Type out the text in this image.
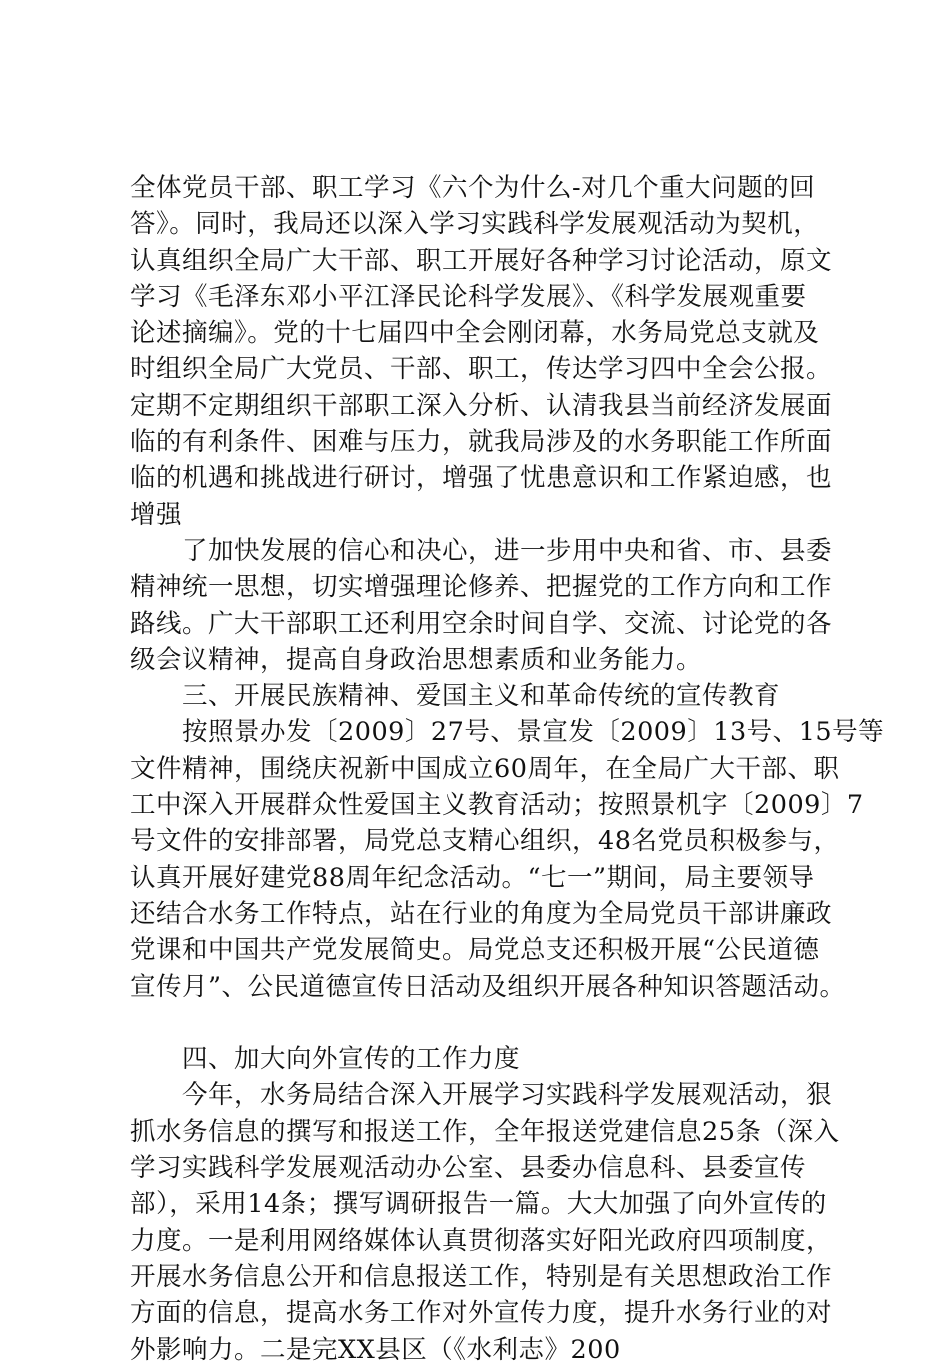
全体党员干部、职工学习《六个为什么-对几个重大问题的回
答》。同时，我局还以深入学习实践科学发展观活动为契机，
认真组织全局广大干部、职工开展好各种学习讨论活动，原文
学习《毛泽东邓小平江泽民论科学发展》、《科学发展观重要
论述摘编》。党的十七届四中全会刚闭幕，水务局党总支就及
时组织全局广大党员、干部、职工，传达学习四中全会公报。
定期不定期组织干部职工深入分析、认清我县当前经济发展面
临的有利条件、困难与压力，就我局涉及的水务职能工作所面
临的机遇和挑战进行研讨，增强了忧患意识和工作紧迫感，也
增强
了加快发展的信心和决心，进一步用中央和省、市、县委
精神统一思想，切实增强理论修养、把握党的工作方向和工作
路线。广大干部职工还利用空余时间自学、交流、讨论党的各
级会议精神，提高自身政治思想素质和业务能力。
三、开展民族精神、爱国主义和革命传统的宣传教育
按照景办发〔2009〕27号、景宣发〔2009〕13号、15号等
文件精神，围绕庆祝新中国成立60周年，在全局广大干部、职
工中深入开展群众性爱国主义教育活动；按照景机字〔2009〕7
号文件的安排部署，局党总支精心组织，48名党员积极参与，
认真开展好建党88周年纪念活动。“七一”期间，局主要领导
还结合水务工作特点，站在行业的角度为全局党员干部讲廉政
党课和中国共产党发展简史。局党总支还积极开展“公民道德
宣传月”、公民道德宣传日活动及组织开展各种知识答题活动。
四、加大向外宣传的工作力度
今年，水务局结合深入开展学习实践科学发展观活动，狠
抓水务信息的撰写和报送工作，全年报送党建信息25条（深入
学习实践科学发展观活动办公室、县委办信息科、县委宣传
部），采用14条；撰写调研报告一篇。大大加强了向外宣传的
力度。一是利用网络媒体认真贯彻落实好阳光政府四项制度，
开展水务信息公开和信息报送工作，特别是有关思想政治工作
方面的信息，提高水务工作对外宣传力度，提升水务行业的对
外影响力。二是完XX县区（《水利志》200
